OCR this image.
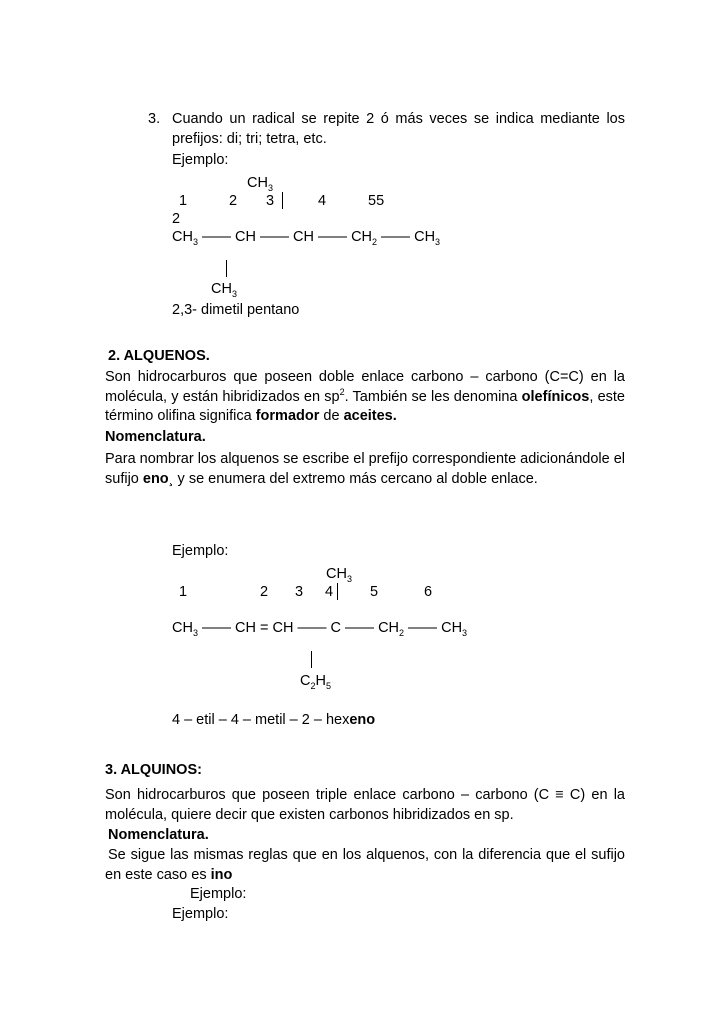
3. Cuando un radical se repite 2 ó más veces se indica mediante los
prefijos: di; tri; tetra, etc.
Ejemplo:
$CH_3$
1	2 3	4	55
2
$CH_3$ —— CH —— CH —— $CH_2$ —— $CH_3$
$CH_3$
2,3- dimetil pentano
2. ALQUENOS.
Son hidrocarburos que poseen doble enlace carbono – carbono (C=C) en la molécula, y están hibridizados en $sp^2$. También se les denomina olefínicos, este término olifina significa formador de aceites.
Nomenclatura.
Para nombrar los alquenos se escribe el prefijo correspondiente adicionándole el sufijo eno¸ y se enumera del extremo más cercano al doble enlace.
Ejemplo:
$CH_3$
1	2 3 4	5	6
$CH_3$ —— CH = CH —— C —— $CH_2$ —— $CH_3$
$C_2H_5$
4 – etil – 4 – metil – 2 – hexeno
3. ALQUINOS:
Son hidrocarburos que poseen triple enlace carbono – carbono (C ≡ C) en la molécula, quiere decir que existen carbonos hibridizados en sp.
Nomenclatura.
Se sigue las mismas reglas que en los alquenos, con la diferencia que el sufijo en este caso es ino
Ejemplo:
Ejemplo:
